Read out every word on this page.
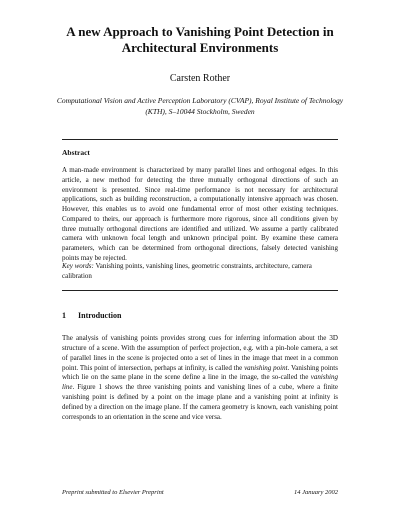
A new Approach to Vanishing Point Detection in Architectural Environments
Carsten Rother
Computational Vision and Active Perception Laboratory (CVAP), Royal Institute of Technology (KTH), S–10044 Stockholm, Sweden
Abstract
A man-made environment is characterized by many parallel lines and orthogonal edges. In this article, a new method for detecting the three mutually orthogonal directions of such an environment is presented. Since real-time performance is not necessary for architectural applications, such as building reconstruction, a computationally intensive approach was chosen. However, this enables us to avoid one fundamental error of most other existing techniques. Compared to theirs, our approach is furthermore more rigorous, since all conditions given by three mutually orthogonal directions are identified and utilized. We assume a partly calibrated camera with unknown focal length and unknown principal point. By examine these camera parameters, which can be determined from orthogonal directions, falsely detected vanishing points may be rejected.
Key words: Vanishing points, vanishing lines, geometric constraints, architecture, camera calibration
1 Introduction
The analysis of vanishing points provides strong cues for inferring information about the 3D structure of a scene. With the assumption of perfect projection, e.g. with a pin-hole camera, a set of parallel lines in the scene is projected onto a set of lines in the image that meet in a common point. This point of intersection, perhaps at infinity, is called the vanishing point. Vanishing points which lie on the same plane in the scene define a line in the image, the so-called the vanishing line. Figure 1 shows the three vanishing points and vanishing lines of a cube, where a finite vanishing point is defined by a point on the image plane and a vanishing point at infinity is defined by a direction on the image plane. If the camera geometry is known, each vanishing point corresponds to an orientation in the scene and vice versa.
Preprint submitted to Elsevier Preprint	14 January 2002
